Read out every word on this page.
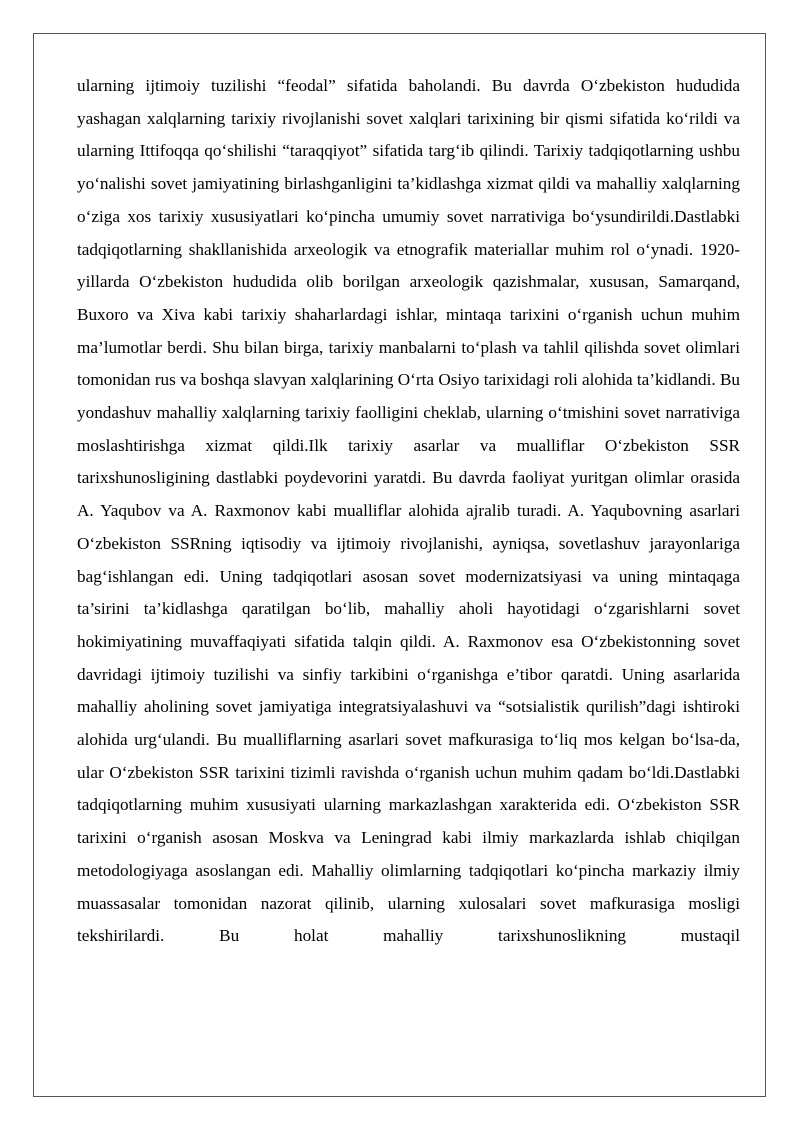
ularning ijtimoiy tuzilishi “feodal” sifatida baholandi. Bu davrda O‘zbekiston hududida yashagan xalqlarning tarixiy rivojlanishi sovet xalqlari tarixining bir qismi sifatida ko‘rildi va ularning Ittifoqqa qo‘shilishi “taraqqiyot” sifatida targ‘ib qilindi. Tarixiy tadqiqotlarning ushbu yo‘nalishi sovet jamiyatining birlashganligini ta’kidlashga xizmat qildi va mahalliy xalqlarning o‘ziga xos tarixiy xususiyatlari ko‘pincha umumiy sovet narrativiga bo‘ysundirildi.Dastlabki tadqiqotlarning shakllanishida arxeologik va etnografik materiallar muhim rol o‘ynadi. 1920-yillarda O‘zbekiston hududida olib borilgan arxeologik qazishmalar, xususan, Samarqand, Buxoro va Xiva kabi tarixiy shaharlardagi ishlar, mintaqa tarixini o‘rganish uchun muhim ma’lumotlar berdi. Shu bilan birga, tarixiy manbalarni to‘plash va tahlil qilishda sovet olimlari tomonidan rus va boshqa slavyan xalqlarining O‘rta Osiyo tarixidagi roli alohida ta’kidlandi. Bu yondashuv mahalliy xalqlarning tarixiy faolligini cheklab, ularning o‘tmishini sovet narrativiga moslashtirishga xizmat qildi.Ilk tarixiy asarlar va mualliflar O‘zbekiston SSR tarixshunosligining dastlabki poydevorini yaratdi. Bu davrda faoliyat yuritgan olimlar orasida A. Yaqubov va A. Raxmonov kabi mualliflar alohida ajralib turadi. A. Yaqubovning asarlari O‘zbekiston SSRning iqtisodiy va ijtimoiy rivojlanishi, ayniqsa, sovetlashuv jarayonlariga bag‘ishlangan edi. Uning tadqiqotlari asosan sovet modernizatsiyasi va uning mintaqaga ta’sirini ta’kidlashga qaratilgan bo‘lib, mahalliy aholi hayotidagi o‘zgarishlarni sovet hokimiyatining muvaffaqiyati sifatida talqin qildi. A. Raxmonov esa O‘zbekistonning sovet davridagi ijtimoiy tuzilishi va sinfiy tarkibini o‘rganishga e’tibor qaratdi. Uning asarlarida mahalliy aholining sovet jamiyatiga integratsiyalashuvi va “sotsialistik qurilish”dagi ishtiroki alohida urg‘ulandi. Bu mualliflarning asarlari sovet mafkurasiga to‘liq mos kelgan bo‘lsa-da, ular O‘zbekiston SSR tarixini tizimli ravishda o‘rganish uchun muhim qadam bo‘ldi.Dastlabki tadqiqotlarning muhim xususiyati ularning markazlashgan xarakterida edi. O‘zbekiston SSR tarixini o‘rganish asosan Moskva va Leningrad kabi ilmiy markazlarda ishlab chiqilgan metodologiyaga asoslangan edi. Mahalliy olimlarning tadqiqotlari ko‘pincha markaziy ilmiy muassasalar tomonidan nazorat qilinib, ularning xulosalari sovet mafkurasiga mosligi tekshirilardi. Bu holat mahalliy tarixshunoslikning mustaqil
